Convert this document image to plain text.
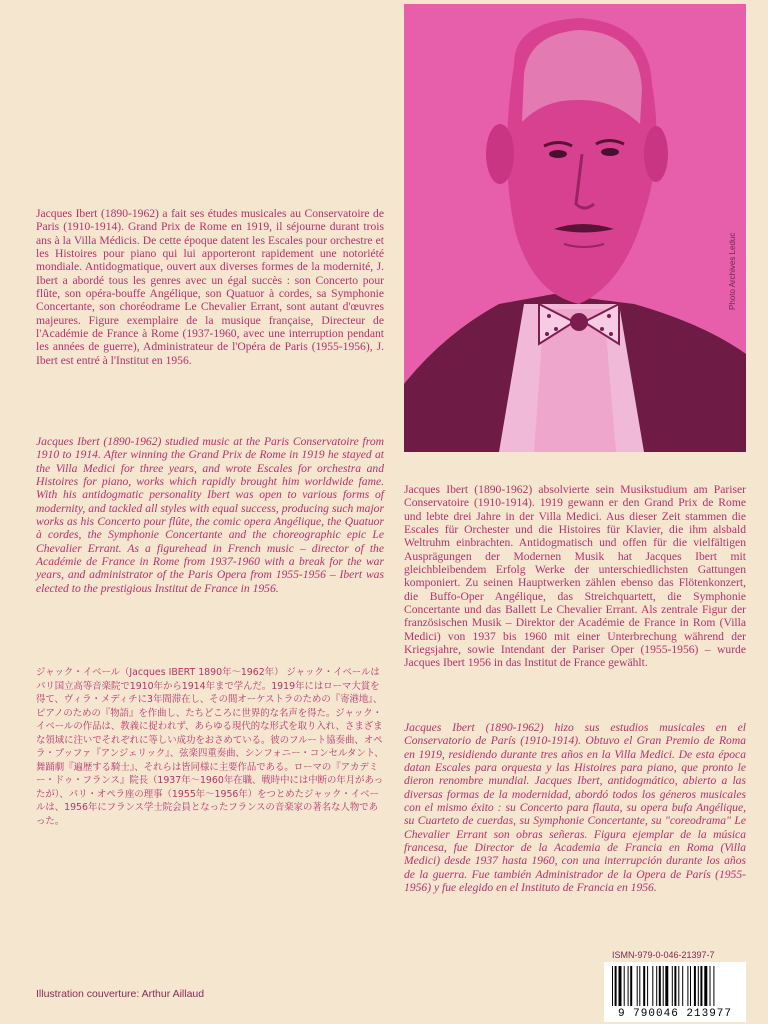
Photo Archives Leduc
Jacques Ibert (1890-1962) a fait ses études musicales au Conservatoire de Paris (1910-1914). Grand Prix de Rome en 1919, il séjourne durant trois ans à la Villa Médicis. De cette époque datent les Escales pour orchestre et les Histoires pour piano qui lui apporteront rapidement une notoriété mondiale. Antidogmatique, ouvert aux diverses formes de la modernité, J. Ibert a abordé tous les genres avec un égal succès : son Concerto pour flûte, son opéra-bouffe Angélique, son Quatuor à cordes, sa Symphonie Concertante, son choréodrame Le Chevalier Errant, sont autant d'œuvres majeures. Figure exemplaire de la musique française, Directeur de l'Académie de France à Rome (1937-1960, avec une interruption pendant les années de guerre), Administrateur de l'Opéra de Paris (1955-1956), J. Ibert est entré à l'Institut en 1956.
Jacques Ibert (1890-1962) studied music at the Paris Conservatoire from 1910 to 1914. After winning the Grand Prix de Rome in 1919 he stayed at the Villa Medici for three years, and wrote Escales for orchestra and Histoires for piano, works which rapidly brought him worldwide fame. With his antidogmatic personality Ibert was open to various forms of modernity, and tackled all styles with equal success, producing such major works as his Concerto pour flûte, the comic opera Angélique, the Quatuor à cordes, the Symphonie Concertante and the choreographic epic Le Chevalier Errant. As a figurehead in French music – director of the Académie de France in Rome from 1937-1960 with a break for the war years, and administrator of the Paris Opera from 1955-1956 – Ibert was elected to the prestigious Institut de France in 1956.
ジャック・イベール（Jacques IBERT 1890年〜1962年） ジャック・イベールはパリ国立高等音楽院で1910年から1914年まで学んだ。1919年にはローマ大賞を得て、ヴィラ・メディチに3年間滞在し、その間オーケストラのための『寄港地』、ピアノのための『物語』を作曲し、たちどころに世界的な名声を得た。ジャック・イベールの作品は、教義に捉われず、あらゆる現代的な形式を取り入れ、さまざまな領域に注いでそれぞれに等しい成功をおさめている。彼のフルート協奏曲、オペラ・ブッファ『アンジェリック』、弦楽四重奏曲、シンフォニー・コンセルタント、舞踊劇『遍歴する騎士』、それらは皆同様に主要作品である。ローマの『アカデミー・ドゥ・フランス』院長（1937年〜1960年在職、戦時中には中断の年月があったが）、パリ・オペラ座の理事（1955年〜1956年）をつとめたジャック・イベールは、1956年にフランス学士院会員となったフランスの音楽家の著名な人物であった。
Jacques Ibert (1890-1962) absolvierte sein Musikstudium am Pariser Conservatoire (1910-1914). 1919 gewann er den Grand Prix de Rome und lebte drei Jahre in der Villa Medici. Aus dieser Zeit stammen die Escales für Orchester und die Histoires für Klavier, die ihm alsbald Weltruhm einbrachten. Antidogmatisch und offen für die vielfältigen Ausprägungen der Modernen Musik hat Jacques Ibert mit gleichbleibendem Erfolg Werke der unterschiedlichsten Gattungen komponiert. Zu seinen Hauptwerken zählen ebenso das Flötenkonzert, die Buffo-Oper Angélique, das Streichquartett, die Symphonie Concertante und das Ballett Le Chevalier Errant. Als zentrale Figur der französischen Musik – Direktor der Académie de France in Rom (Villa Medici) von 1937 bis 1960 mit einer Unterbrechung während der Kriegsjahre, sowie Intendant der Pariser Oper (1955-1956) – wurde Jacques Ibert 1956 in das Institut de France gewählt.
Jacques Ibert (1890-1962) hizo sus estudios musicales en el Conservatorio de París (1910-1914). Obtuvo el Gran Premio de Roma en 1919, residiendo durante tres años en la Villa Medici. De esta época datan Escales para orquesta y las Histoires para piano, que pronto le dieron renombre mundial. Jacques Ibert, antidogmático, abierto a las diversas formas de la modernidad, abordó todos los géneros musicales con el mismo éxito : su Concerto para flauta, su opera bufa Angélique, su Cuarteto de cuerdas, su Symphonie Concertante, su "coreodrama" Le Chevalier Errant son obras señeras. Figura ejemplar de la música francesa, fue Director de la Academia de Francia en Roma (Villa Medici) desde 1937 hasta 1960, con una interrupción durante los años de la guerra. Fue también Administrador de la Opera de París (1955-1956) y fue elegido en el Instituto de Francia en 1956.
Illustration couverture: Arthur Aillaud
ISMN-979-0-046-21397-7
9 790046 213977
